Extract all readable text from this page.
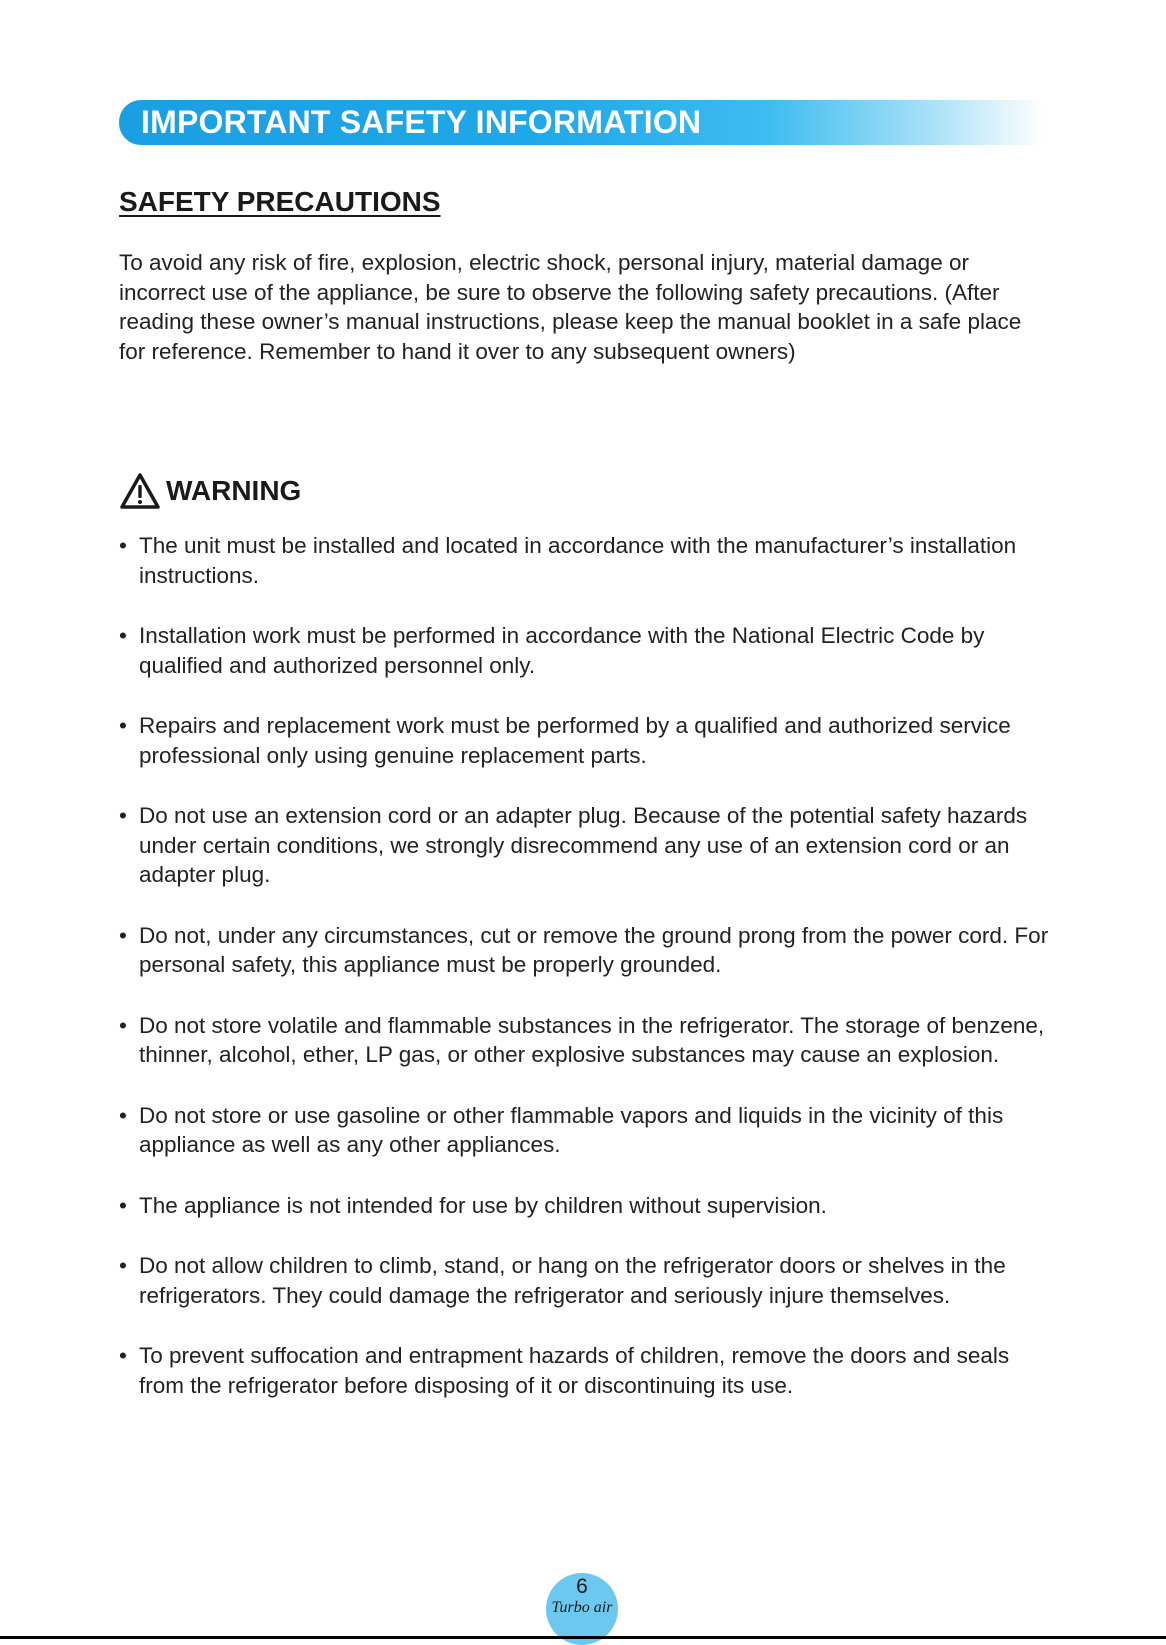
IMPORTANT SAFETY INFORMATION
SAFETY PRECAUTIONS

To avoid any risk of fire, explosion, electric shock, personal injury, material damage or incorrect use of the appliance, be sure to observe the following safety precautions. (After reading these owner’s manual instructions, please keep the manual booklet in a safe place for reference. Remember to hand it over to any subsequent owners)

WARNING
• The unit must be installed and located in accordance with the manufacturer’s installation instructions.
• Installation work must be performed in accordance with the National Electric Code by qualified and authorized personnel only.
• Repairs and replacement work must be performed by a qualified and authorized service professional only using genuine replacement parts.
• Do not use an extension cord or an adapter plug. Because of the potential safety hazards under certain conditions, we strongly disrecommend any use of an extension cord or an adapter plug.
• Do not, under any circumstances, cut or remove the ground prong from the power cord. For personal safety, this appliance must be properly grounded.
• Do not store volatile and flammable substances in the refrigerator. The storage of benzene, thinner, alcohol, ether, LP gas, or other explosive substances may cause an explosion.
• Do not store or use gasoline or other flammable vapors and liquids in the vicinity of this appliance as well as any other appliances.
• The appliance is not intended for use by children without supervision.
• Do not allow children to climb, stand, or hang on the refrigerator doors or shelves in the refrigerators. They could damage the refrigerator and seriously injure themselves.
• To prevent suffocation and entrapment hazards of children, remove the doors and seals from the refrigerator before disposing of it or discontinuing its use.
6
Turbo air
